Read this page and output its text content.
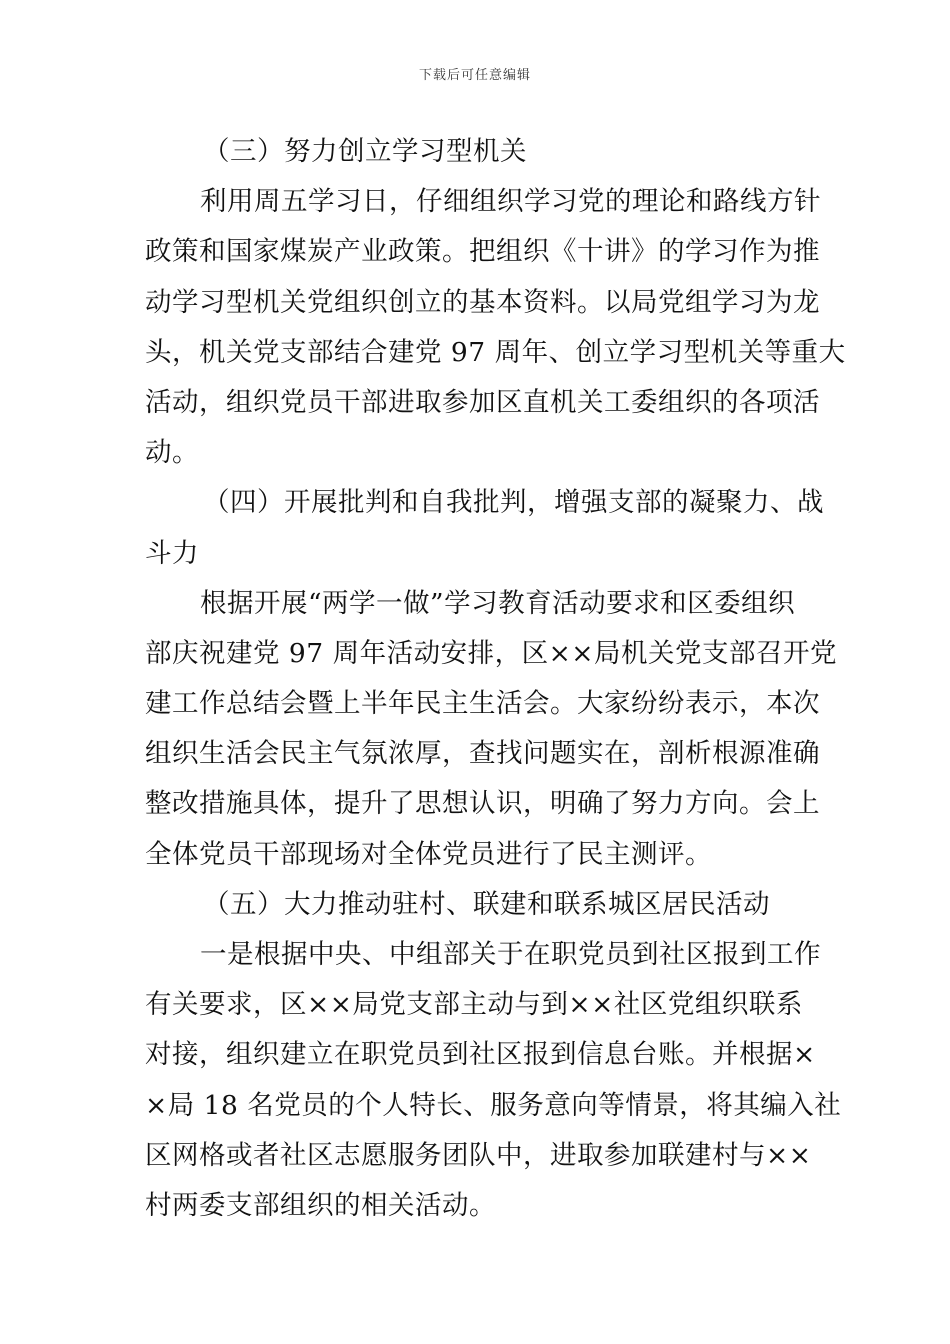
下载后可任意编辑
（三）努力创立学习型机关
利用周五学习日，仔细组织学习党的理论和路线方针
政策和国家煤炭产业政策。把组织《十讲》的学习作为推
动学习型机关党组织创立的基本资料。以局党组学习为龙
头，机关党支部结合建党 97 周年、创立学习型机关等重大
活动，组织党员干部进取参加区直机关工委组织的各项活
动。
（四）开展批判和自我批判，增强支部的凝聚力、战
斗力
根据开展“两学一做”学习教育活动要求和区委组织
部庆祝建党 97 周年活动安排，区××局机关党支部召开党
建工作总结会暨上半年民主生活会。大家纷纷表示，本次
组织生活会民主气氛浓厚，查找问题实在，剖析根源准确
整改措施具体，提升了思想认识，明确了努力方向。会上
全体党员干部现场对全体党员进行了民主测评。
（五）大力推动驻村、联建和联系城区居民活动
一是根据中央、中组部关于在职党员到社区报到工作
有关要求，区××局党支部主动与到××社区党组织联系
对接，组织建立在职党员到社区报到信息台账。并根据×
×局 18 名党员的个人特长、服务意向等情景，将其编入社
区网格或者社区志愿服务团队中，进取参加联建村与××
村两委支部组织的相关活动。
